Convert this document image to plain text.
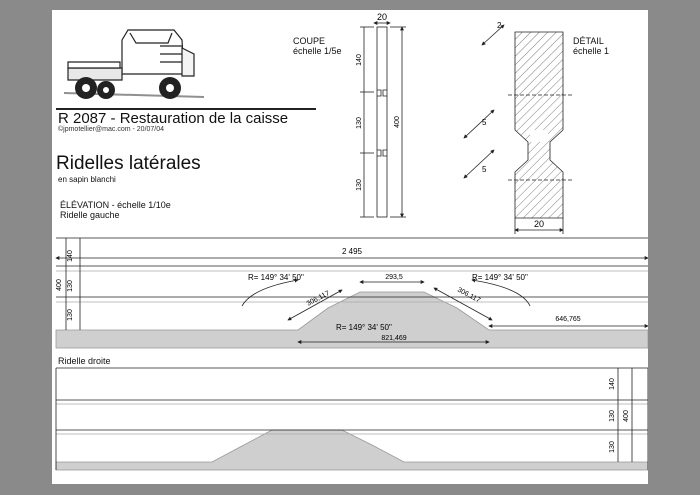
R 2087 - Restauration de la caisse
©jpmotellier@mac.com - 20/07/04
Ridelles latérales
en sapin blanchi
ÉLÉVATION - échelle 1/10e
Ridelle gauche
Ridelle droite
COUPE
échelle 1/5e
DÉTAIL
échelle 1
20
140
130
130
400
2
5
5
20
2 495
140
130
130
400
R= 149° 34' 50"	R= 149° 34' 50"
R= 149° 34' 50"
306,117	306,117
293,5
821,469
646,765
140
130
130
400
